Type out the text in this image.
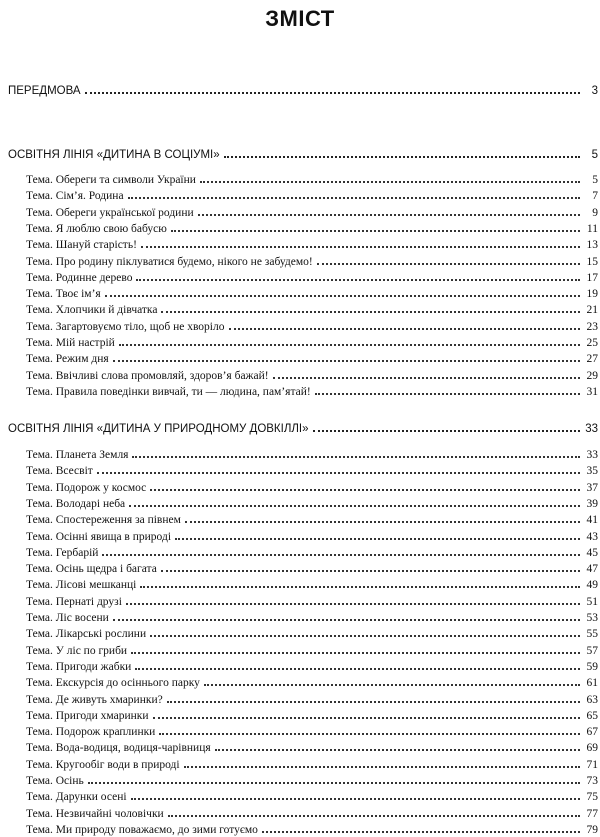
ЗМІСТ
ПЕРЕДМОВА	3
ОСВІТНЯ ЛІНІЯ «ДИТИНА В СОЦІУМІ»	5
Тема. Обереги та символи України	5
Тема. Сім’я. Родина	7
Тема. Обереги української родини	9
Тема. Я люблю свою бабусю	11
Тема. Шануй старість!	13
Тема. Про родину піклуватися будемо, нікого не забудемо!	15
Тема. Родинне дерево	17
Тема. Твоє ім’я	19
Тема. Хлопчики й дівчатка	21
Тема. Загартовуємо тіло, щоб не хворіло	23
Тема. Мій настрій	25
Тема. Режим дня	27
Тема. Ввічливі слова промовляй, здоров’я бажай!	29
Тема. Правила поведінки вивчай, ти — людина, пам’ятай!	31
ОСВІТНЯ ЛІНІЯ «ДИТИНА У ПРИРОДНОМУ ДОВКІЛЛІ»	33
Тема. Планета Земля	33
Тема. Всесвіт	35
Тема. Подорож у космос	37
Тема. Володарі неба	39
Тема. Спостереження за півнем	41
Тема. Осінні явища в природі	43
Тема. Гербарій	45
Тема. Осінь щедра і багата	47
Тема. Лісові мешканці	49
Тема. Пернаті друзі	51
Тема. Ліс восени	53
Тема. Лікарські рослини	55
Тема. У ліс по гриби	57
Тема. Пригоди жабки	59
Тема. Екскурсія до осіннього парку	61
Тема. Де живуть хмаринки?	63
Тема. Пригоди хмаринки	65
Тема. Подорож краплинки	67
Тема. Вода-водиця, водиця-чарівниця	69
Тема. Кругообіг води в природі	71
Тема. Осінь	73
Тема. Дарунки осені	75
Тема. Незвичайні чоловічки	77
Тема. Ми природу поважаємо, до зими готуємо	79
